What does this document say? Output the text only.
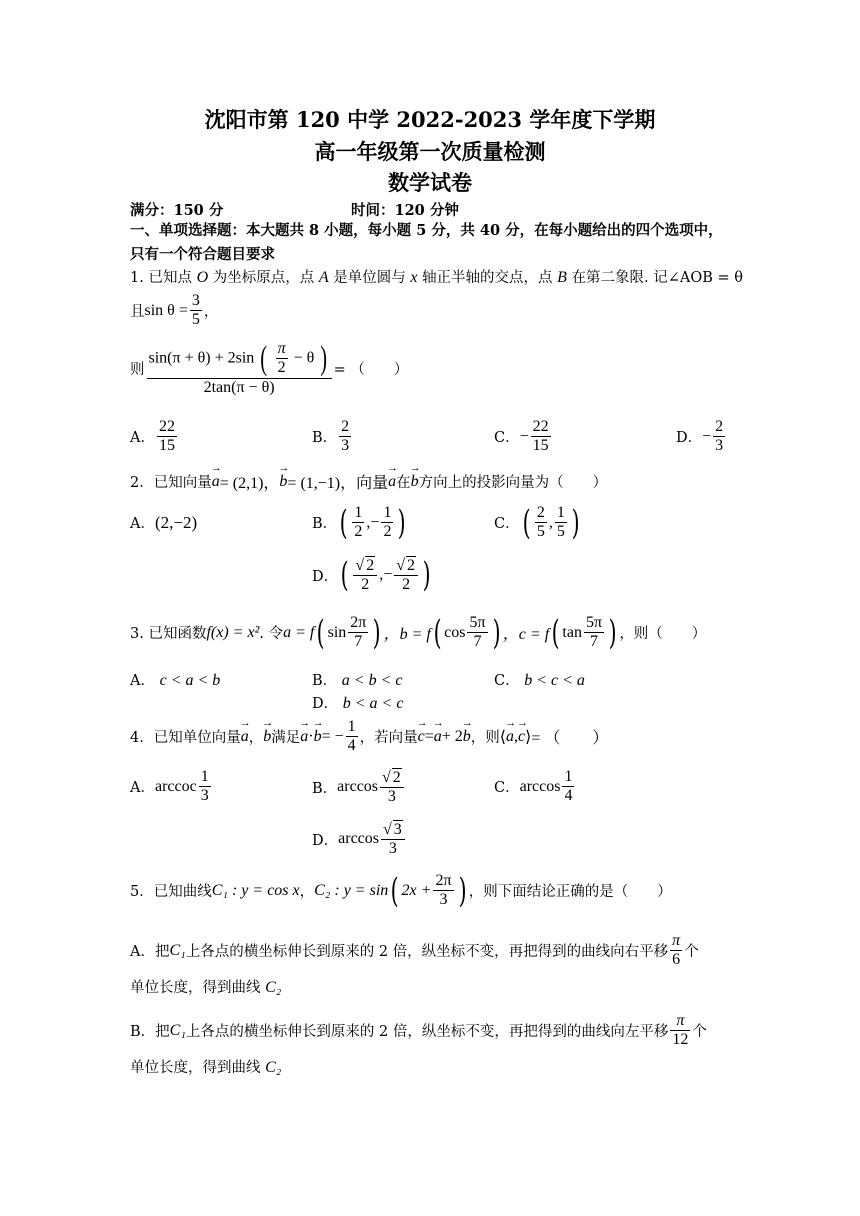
沈阳市第 120 中学 2022-2023 学年度下学期
高一年级第一次质量检测
数学试卷
满分：150 分	时间：120 分钟
一、单项选择题：本大题共 8 小题，每小题 5 分，共 40 分，在每小题给出的四个选项中，
只有一个符合题目要求
1. 已知点 O 为坐标原点，点 A 是单位圆与 x 轴正半轴的交点，点 B 在第二象限. 记∠AOB = θ
且 $\sin \theta = \frac{3}{5}$ ，
则
sin(π + θ) + 2sin ( $\frac{\pi}{2} - \theta$ )
2tan(π − θ)
= （　　）
A． $\frac{22}{15}$	B． $\frac{2}{3}$	C． − $\frac{22}{15}$	D． − $\frac{2}{3}$
2．已知向量 → a = (2,1)， → b = (1,−1)，向量 → a 在 → b 方向上的投影向量为（　　）
A． (2,−2)	B． ( $\frac{1}{2}$ ,− $\frac{1}{2}$ )	C． ( $\frac{2}{5}$ , $\frac{1}{5}$ )
D． ( $\frac{√ 2}{2}$ ,− $\frac{√ 2}{2}$ )
3. 已知函数 f(x) = x² . 令 a = f ( $\sin \frac{2\pi}{7}$ ) ，b = f ( $\cos \frac{5\pi}{7}$ ) ，c = f ( $\tan \frac{5\pi}{7}$ ) ，则（　　）
A． c < a < b	B． a < b < c	C． b < c < a
D． b < a < c
4．已知单位向量 → a ， → b 满足 → a · → b = − $\frac{1}{4}$ ，若向量 → c = → a + 2 → b ，则 ⟨ → a , → c ⟩ = （　　）
A． arccoc $\frac{1}{3}$	B． $\arccos \frac{√ 2}{3}$	C． $\arccos \frac{1}{4}$
D． $\arccos \frac{√ 3}{3}$
5．已知曲线 C₁ : y = cos x ， C₂ : y = sin ( $2x + \frac{2\pi}{3}$ ) ，则下面结论正确的是（　　）
A．把 C₁ 上各点的横坐标伸长到原来的 2 倍，纵坐标不变，再把得到的曲线向右平移 $\frac{\pi}{6}$ 个
单位长度，得到曲线 C₂
B．把 C₁ 上各点的横坐标伸长到原来的 2 倍，纵坐标不变，再把得到的曲线向左平移 $\frac{\pi}{12}$ 个
单位长度，得到曲线 C₂
